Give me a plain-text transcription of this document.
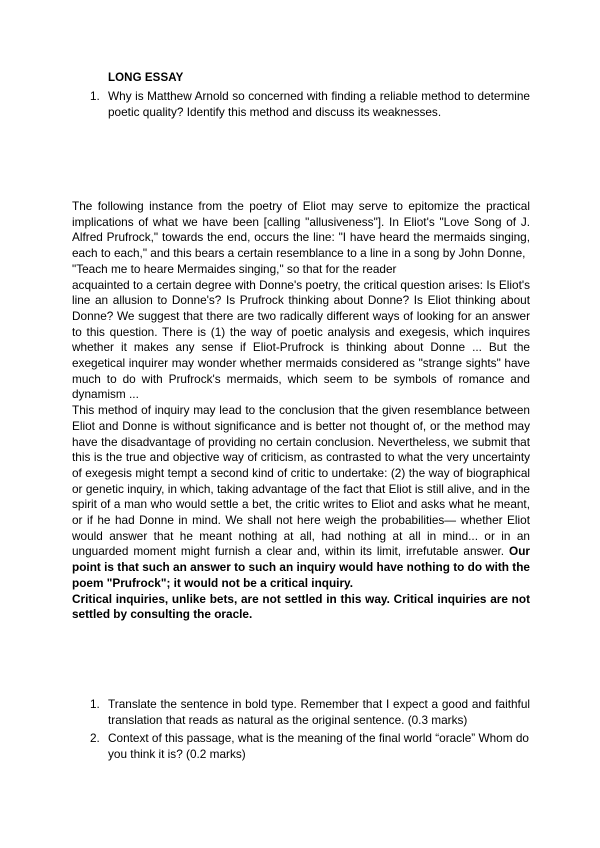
LONG ESSAY
1. Why is Matthew Arnold so concerned with finding a reliable method to determine poetic quality? Identify this method and discuss its weaknesses.

The following instance from the poetry of Eliot may serve to epitomize the practical implications of what we have been [calling "allusiveness"]. In Eliot's "Love Song of J. Alfred Prufrock," towards the end, occurs the line: "I have heard the mermaids singing, each to each," and this bears a certain resemblance to a line in a song by John Donne,

"Teach me to heare Mermaides singing," so that for the reader

acquainted to a certain degree with Donne's poetry, the critical question arises: Is Eliot's line an allusion to Donne's? Is Prufrock thinking about Donne? Is Eliot thinking about Donne? We suggest that there are two radically different ways of looking for an answer to this question. There is (1) the way of poetic analysis and exegesis, which inquires whether it makes any sense if Eliot-Prufrock is thinking about Donne ... But the exegetical inquirer may wonder whether mermaids considered as "strange sights" have much to do with Prufrock's mermaids, which seem to be symbols of romance and dynamism ...

This method of inquiry may lead to the conclusion that the given resemblance between Eliot and Donne is without significance and is better not thought of, or the method may have the disadvantage of providing no certain conclusion. Nevertheless, we submit that this is the true and objective way of criticism, as contrasted to what the very uncertainty of exegesis might tempt a second kind of critic to undertake: (2) the way of biographical or genetic inquiry, in which, taking advantage of the fact that Eliot is still alive, and in the spirit of a man who would settle a bet, the critic writes to Eliot and asks what he meant, or if he had Donne in mind. We shall not here weigh the probabilities— whether Eliot would answer that he meant nothing at all, had nothing at all in mind... or in an unguarded moment might furnish a clear and, within its limit, irrefutable answer. Our point is that such an answer to such an inquiry would have nothing to do with the poem "Prufrock"; it would not be a critical inquiry.

Critical inquiries, unlike bets, are not settled in this way. Critical inquiries are not settled by consulting the oracle.

1. Translate the sentence in bold type. Remember that I expect a good and faithful translation that reads as natural as the original sentence. (0.3 marks)
2. Context of this passage, what is the meaning of the final world “oracle” Whom do you think it is? (0.2 marks)
